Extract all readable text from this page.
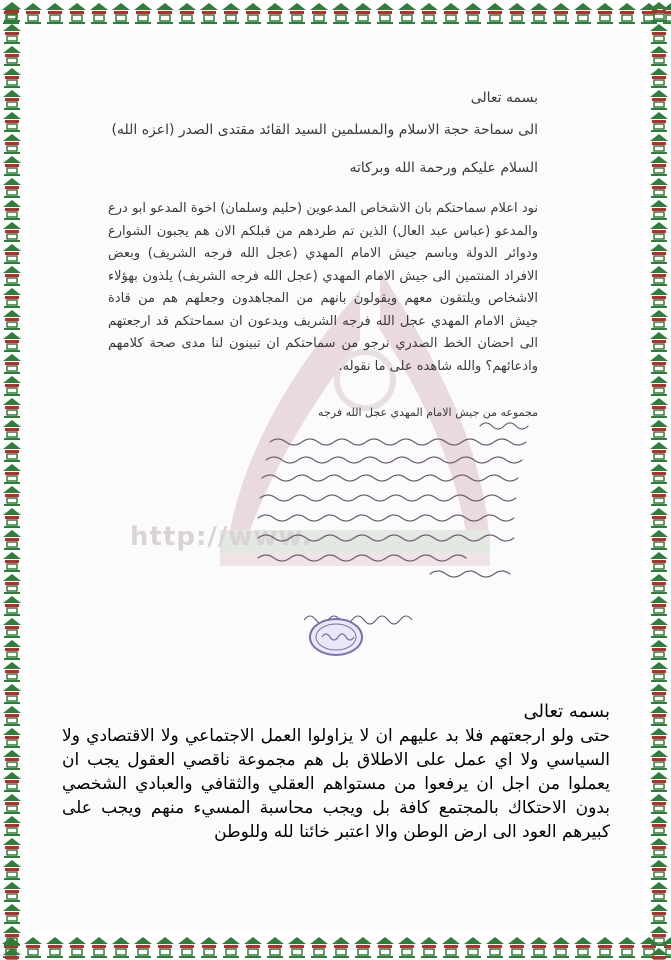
http://www.
بسمه تعالى
الى سماحة حجة الاسلام والمسلمين السيد القائد مقتدى الصدر (اعزه الله)
السلام عليكم ورحمة الله وبركاته
نود اعلام سماحتكم بان الاشخاص المدعوين (حليم وسلمان) اخوة المدعو ابو درع والمدعو (عباس عبد العال) الذين تم طردهم من قبلكم الان هم يجبون الشوارع ودوائر الدولة وباسم جيش الامام المهدي (عجل الله فرجه الشريف) وبعض الافراد المنتمين الى جيش الامام المهدي (عجل الله فرجه الشريف) يلذون بهؤلاء الاشخاص ويلتقون معهم ويقولون بانهم من المجاهدون وجعلهم هم من قادة جيش الامام المهدي عجل الله فرجه الشريف ويدعون ان سماحتكم قد ارجعتهم الى احضان الخط الصدري نرجو من سماحتكم ان تبينون لنا مدى صحة كلامهم وادعائهم؟ والله شاهده على ما نقوله.
مجموعه من جيش الامام المهدي عجل الله فرجه
بسمه تعالى
حتى ولو ارجعتهم فلا بد عليهم ان لا يزاولوا العمل الاجتماعي ولا الاقتصادي ولا السياسي ولا اي عمل على الاطلاق بل هم مجموعة ناقصي العقول يجب ان يعملوا من اجل ان يرفعوا من مستواهم العقلي والثقافي والعبادي الشخصي بدون الاحتكاك بالمجتمع كافة بل ويجب محاسبة المسيء منهم ويجب على كبيرهم العود الى ارض الوطن والا اعتبر خائنا لله وللوطن
